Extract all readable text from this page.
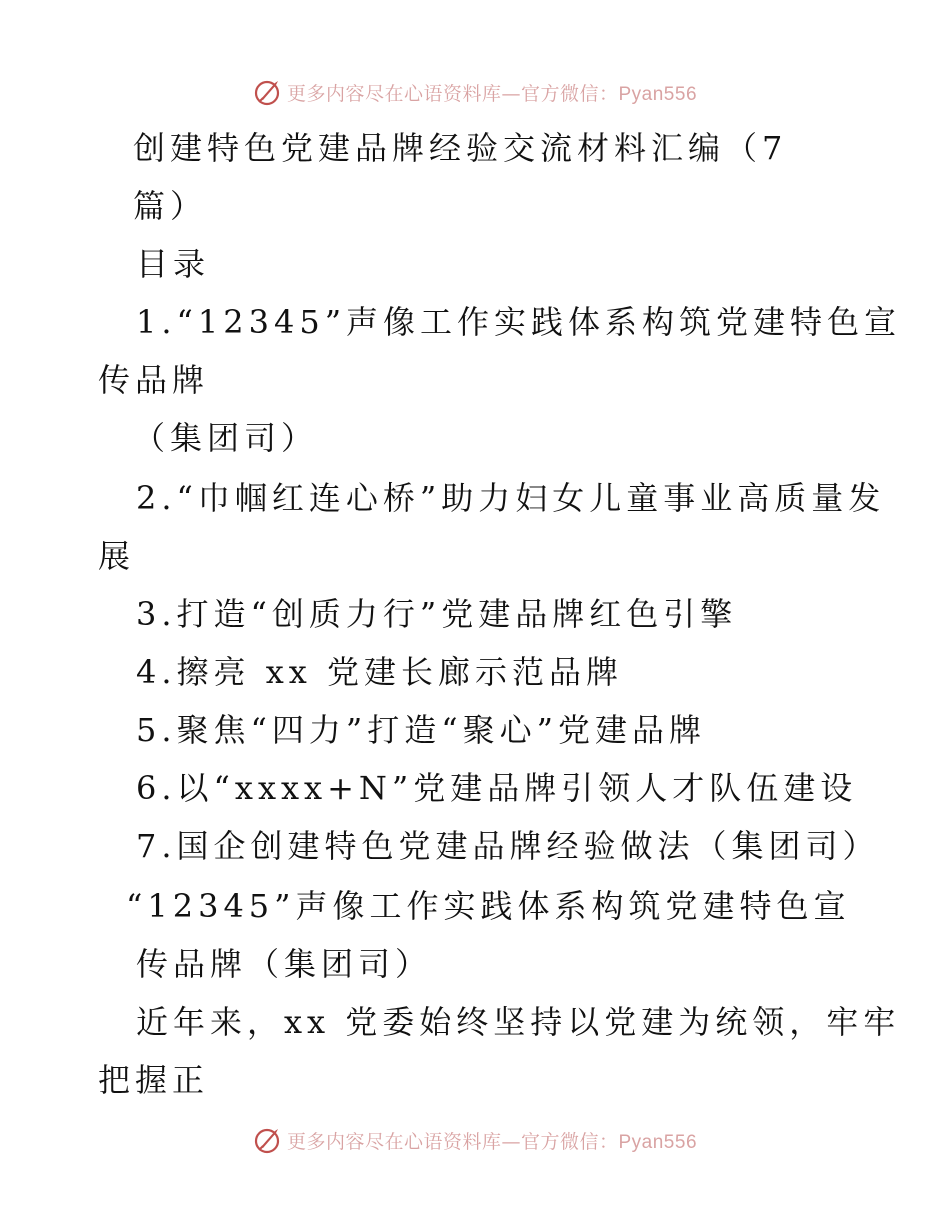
更多内容尽在心语资料库—官方微信：Pyan556
创建特色党建品牌经验交流材料汇编（7
篇）
目录
1.“12345”声像工作实践体系构筑党建特色宣
传品牌
（集团司）
2.“巾帼红连心桥”助力妇女儿童事业高质量发
展
3.打造“创质力行”党建品牌红色引擎
4.擦亮 xx 党建长廊示范品牌
5.聚焦“四力”打造“聚心”党建品牌
6.以“xxxx+N”党建品牌引领人才队伍建设
7.国企创建特色党建品牌经验做法（集团司）
“12345”声像工作实践体系构筑党建特色宣
传品牌（集团司）
近年来，xx 党委始终坚持以党建为统领，牢牢
把握正
更多内容尽在心语资料库—官方微信：Pyan556
